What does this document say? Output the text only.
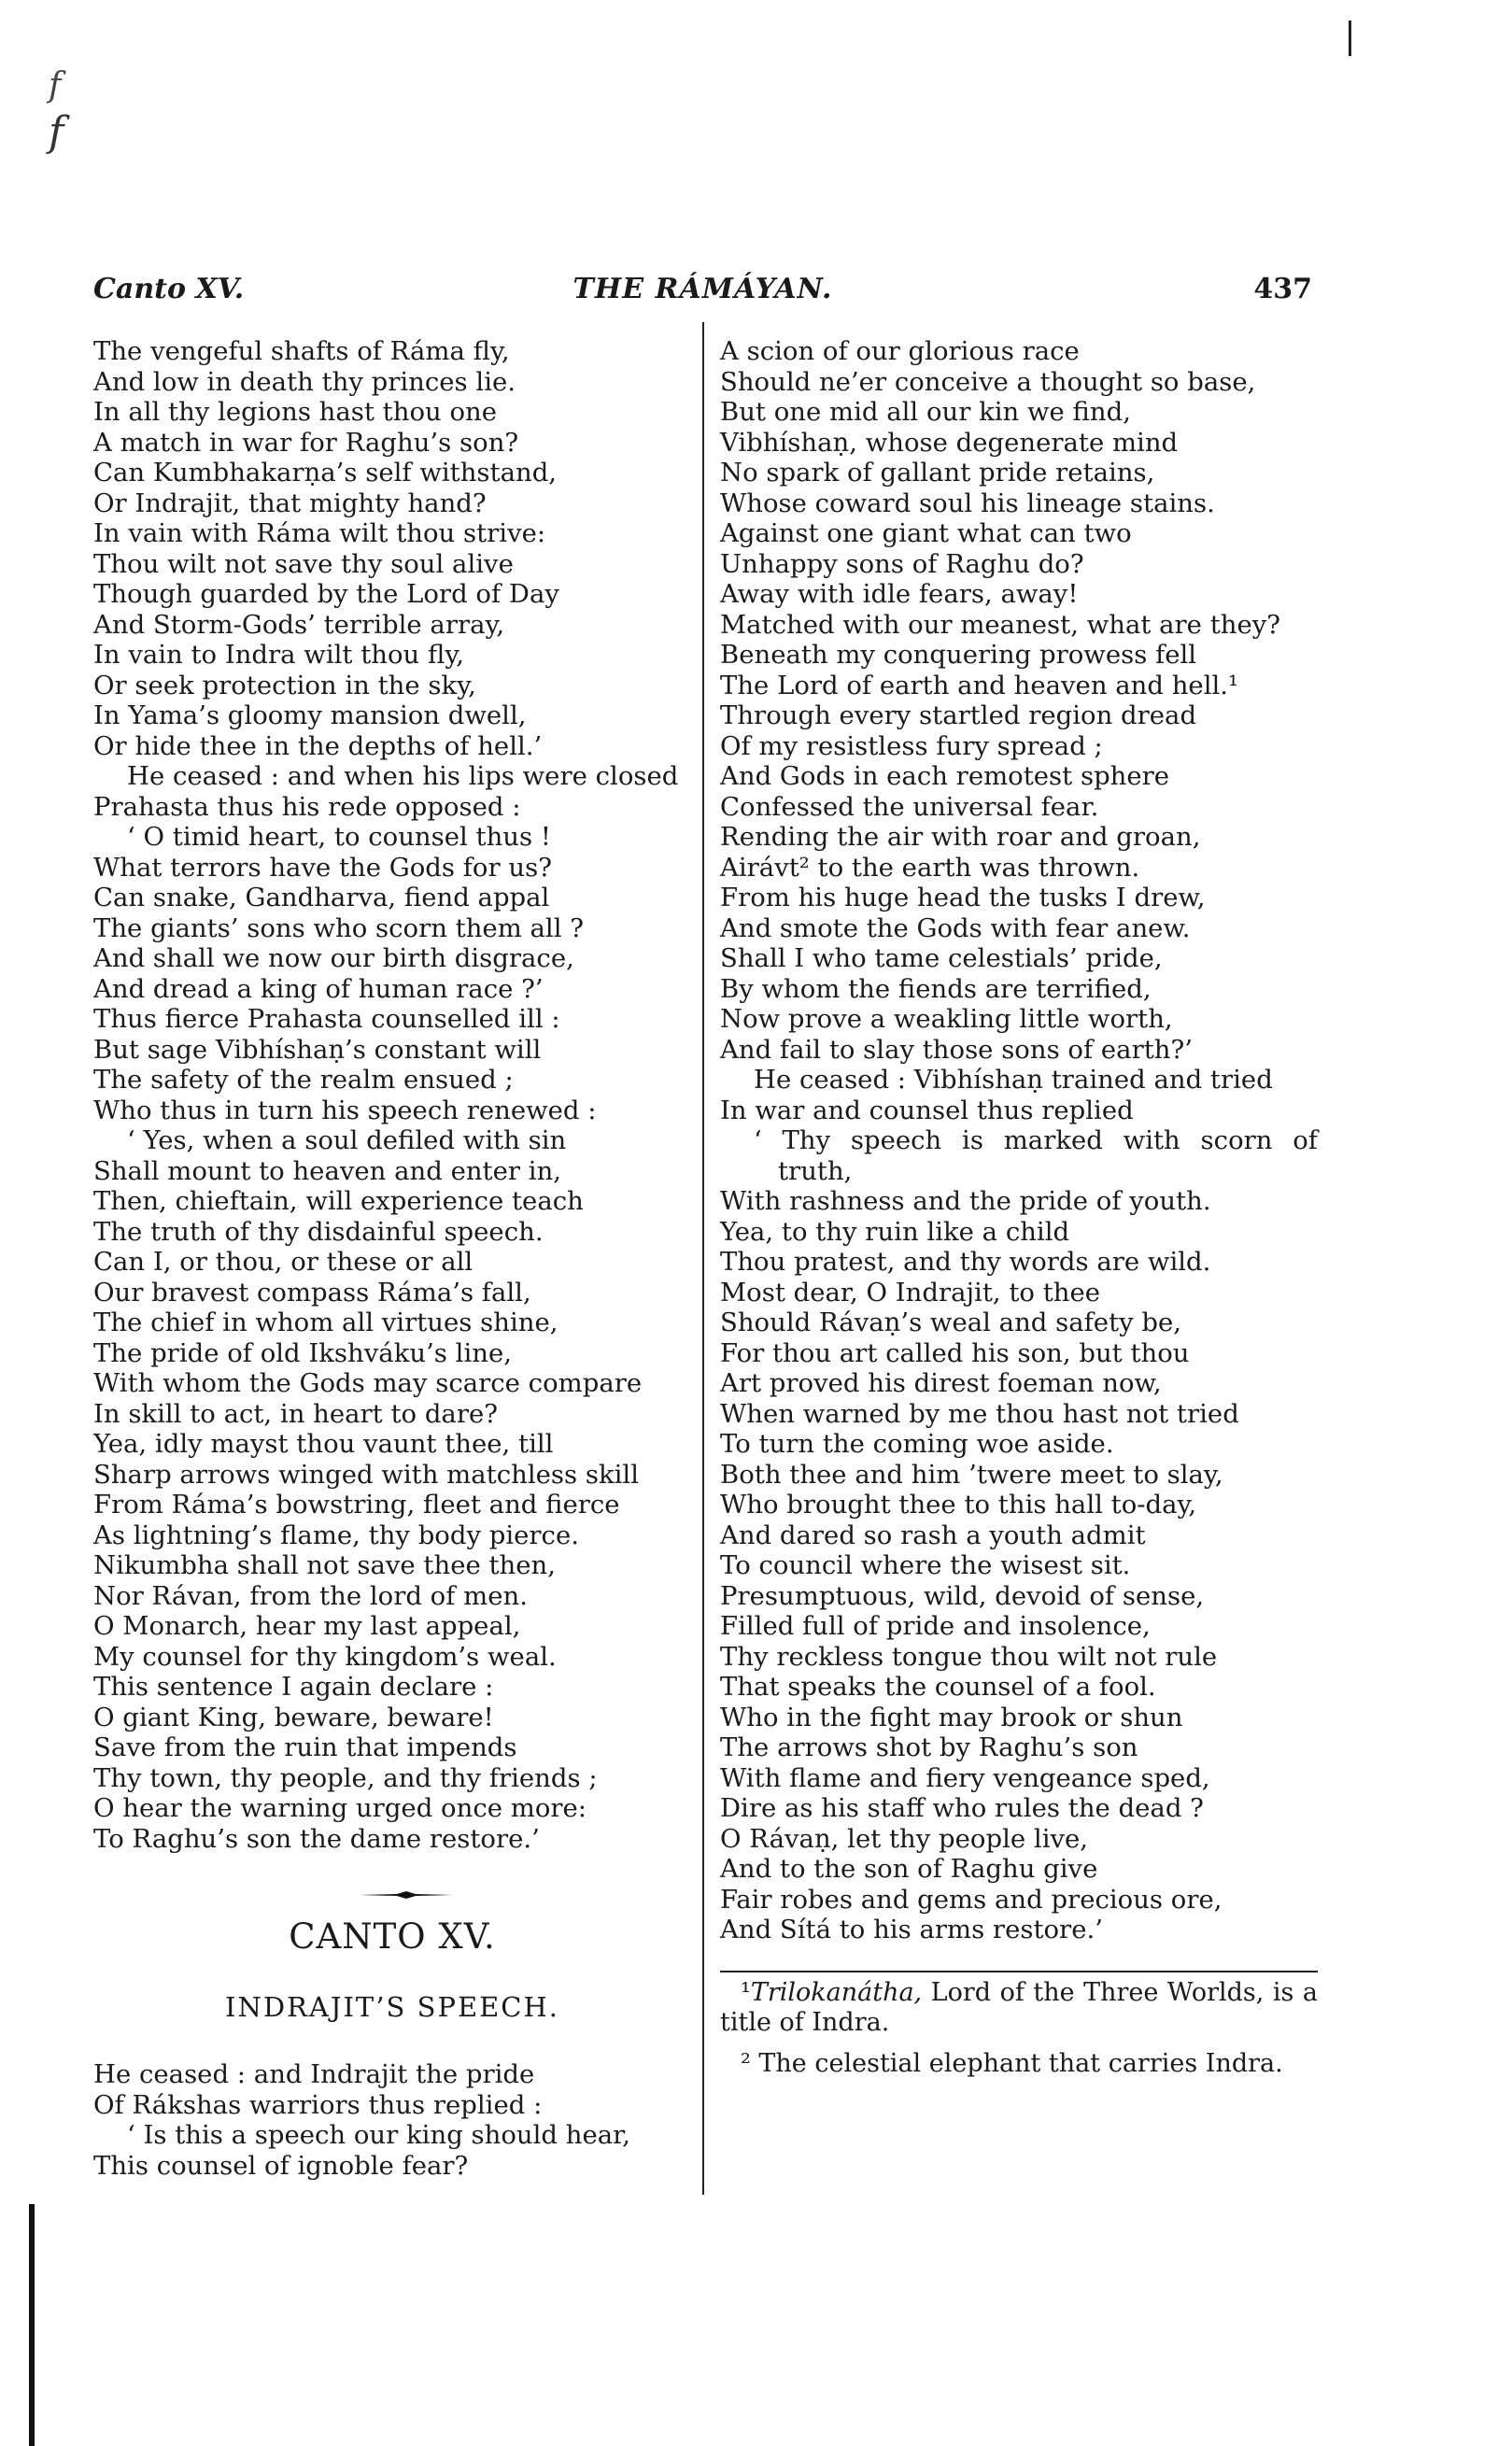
f
f
Canto XV.	THE RÁMÁYAN.	437
The vengeful shafts of Ráma fly,
And low in death thy princes lie.
In all thy legions hast thou one
A match in war for Raghu’s son?
Can Kumbhakarṇa’s self withstand,
Or Indrajit, that mighty hand?
In vain with Ráma wilt thou strive:
Thou wilt not save thy soul alive
Though guarded by the Lord of Day
And Storm-Gods’ terrible array,
In vain to Indra wilt thou fly,
Or seek protection in the sky,
In Yama’s gloomy mansion dwell,
Or hide thee in the depths of hell.’
He ceased : and when his lips were closed
Prahasta thus his rede opposed :
‘ O timid heart, to counsel thus !
What terrors have the Gods for us?
Can snake, Gandharva, fiend appal
The giants’ sons who scorn them all ?
And shall we now our birth disgrace,
And dread a king of human race ?’
Thus fierce Prahasta counselled ill :
But sage Vibhíshaṇ’s constant will
The safety of the realm ensued ;
Who thus in turn his speech renewed :
‘ Yes, when a soul defiled with sin
Shall mount to heaven and enter in,
Then, chieftain, will experience teach
The truth of thy disdainful speech.
Can I, or thou, or these or all
Our bravest compass Ráma’s fall,
The chief in whom all virtues shine,
The pride of old Ikshváku’s line,
With whom the Gods may scarce compare
In skill to act, in heart to dare?
Yea, idly mayst thou vaunt thee, till
Sharp arrows winged with matchless skill
From Ráma’s bowstring, fleet and fierce
As lightning’s flame, thy body pierce.
Nikumbha shall not save thee then,
Nor Rávan, from the lord of men.
O Monarch, hear my last appeal,
My counsel for thy kingdom’s weal.
This sentence I again declare :
O giant King, beware, beware!
Save from the ruin that impends
Thy town, thy people, and thy friends ;
O hear the warning urged once more:
To Raghu’s son the dame restore.’
A scion of our glorious race
Should ne’er conceive a thought so base,
But one mid all our kin we find,
Vibhíshaṇ, whose degenerate mind
No spark of gallant pride retains,
Whose coward soul his lineage stains.
Against one giant what can two
Unhappy sons of Raghu do?
Away with idle fears, away!
Matched with our meanest, what are they?
Beneath my conquering prowess fell
The Lord of earth and heaven and hell.¹
Through every startled region dread
Of my resistless fury spread ;
And Gods in each remotest sphere
Confessed the universal fear.
Rending the air with roar and groan,
Airávt² to the earth was thrown.
From his huge head the tusks I drew,
And smote the Gods with fear anew.
Shall I who tame celestials’ pride,
By whom the fiends are terrified,
Now prove a weakling little worth,
And fail to slay those sons of earth?’
He ceased : Vibhíshaṇ trained and tried
In war and counsel thus replied
‘ Thy speech is marked with scorn of
truth,
With rashness and the pride of youth.
Yea, to thy ruin like a child
Thou pratest, and thy words are wild.
Most dear, O Indrajit, to thee
Should Rávaṇ’s weal and safety be,
For thou art called his son, but thou
Art proved his direst foeman now,
When warned by me thou hast not tried
To turn the coming woe aside.
Both thee and him ’twere meet to slay,
Who brought thee to this hall to-day,
And dared so rash a youth admit
To council where the wisest sit.
Presumptuous, wild, devoid of sense,
Filled full of pride and insolence,
Thy reckless tongue thou wilt not rule
That speaks the counsel of a fool.
Who in the fight may brook or shun
The arrows shot by Raghu’s son
With flame and fiery vengeance sped,
Dire as his staff who rules the dead ?
O Rávaṇ, let thy people live,
And to the son of Raghu give
Fair robes and gems and precious ore,
And Sítá to his arms restore.’
CANTO XV.
INDRAJIT’S SPEECH.
He ceased : and Indrajit the pride
Of Rákshas warriors thus replied :
‘ Is this a speech our king should hear,
This counsel of ignoble fear?
¹Trilokanátha, Lord of the Three Worlds, is a title of Indra.
² The celestial elephant that carries Indra.
